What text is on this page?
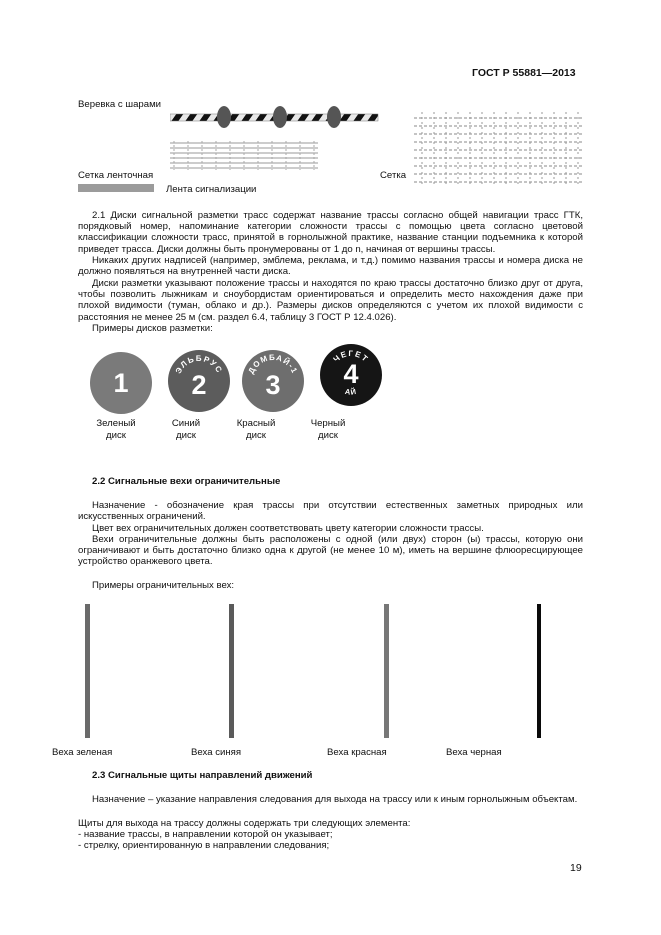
ГОСТ Р 55881—2013
Веревка с шарами
Сетка ленточная	Сетка
Лента сигнализации
2.1 Диски сигнальной разметки трасс содержат название трассы согласно общей навигации трасс ГТК, порядковый номер, напоминание категории сложности трассы с помощью цвета согласно цветовой классификации сложности трасс, принятой в горнолыжной практике, название станции подъемника к которой приведет трасса. Диски должны быть пронумерованы от 1 до n, начиная от вершины трассы.
Никаких других надписей (например, эмблема, реклама, и т.д.) помимо названия трассы и номера диска не должно появляться на внутренней части диска.
Диски разметки указывают положение трассы и находятся по краю трассы достаточно близко друг от друга, чтобы позволить лыжникам и сноубордистам ориентироваться и определить место нахождения даже при плохой видимости (туман, облако и др.). Размеры дисков определяются с учетом их плохой видимости с расстояния не менее 25 м (см. раздел 6.4, таблицу 3 ГОСТ Р 12.4.026).
Примеры дисков разметки:
1	ЭЛЬБРУС
2	ДОМБАЙ-1
3
ЧЕГЕТ
АЙ
4
Зеленый
диск
Синий
диск
Красный
диск
Черный
диск
2.2 Сигнальные вехи ограничительные
Назначение - обозначение края трассы при отсутствии естественных заметных природных или искусственных ограничений.
Цвет вех ограничительных должен соответствовать цвету категории сложности трассы.
Вехи ограничительные должны быть расположены с одной (или двух) сторон (ы) трассы, которую они ограничивают и быть достаточно близко одна к другой (не менее 10 м), иметь на вершине флюоресцирующее устройство оранжевого цвета.
Примеры ограничительных вех:
Веха зеленая	Веха синяя	Веха красная	Веха черная
2.3 Сигнальные щиты направлений движений
Назначение – указание направления следования для выхода на трассу или к иным горнолыжным объектам.
Щиты для выхода на трассу должны содержать три следующих элемента:
- название трассы, в направлении которой он указывает;
- стрелку, ориентированную в направлении следования;
19
